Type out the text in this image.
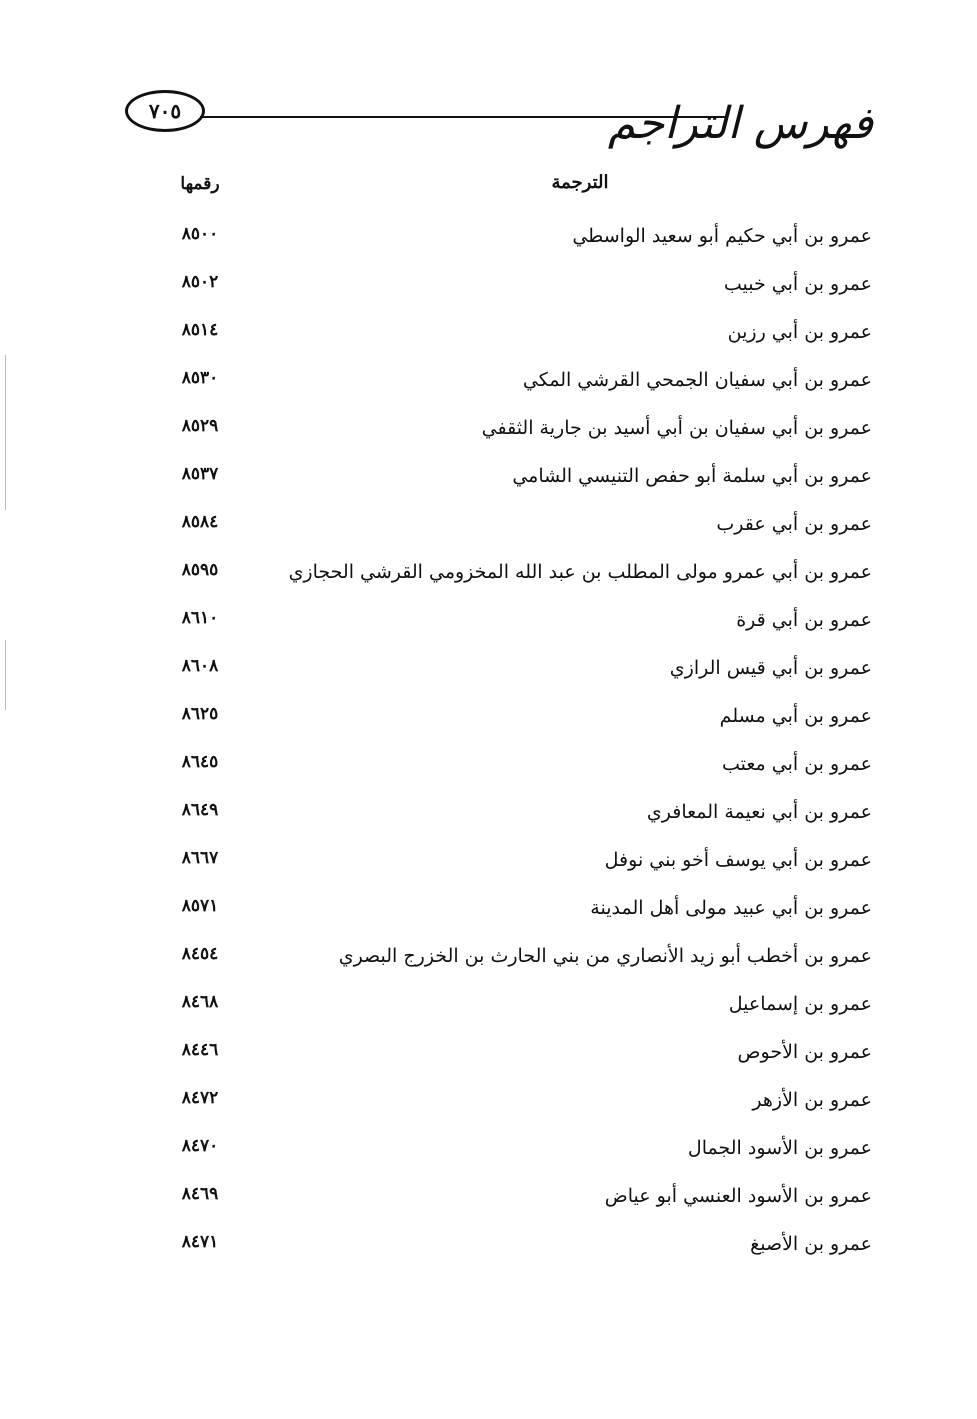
فهرس التراجم
٧٠٥
الترجمة
رقمها
عمرو بن أبي حكيم أبو سعيد الواسطي
٨٥٠٠
عمرو بن أبي خبيب
٨٥٠٢
عمرو بن أبي رزين
٨٥١٤
عمرو بن أبي سفيان الجمحي القرشي المكي
٨٥٣٠
عمرو بن أبي سفيان بن أبي أسيد بن جارية الثقفي
٨٥٢٩
عمرو بن أبي سلمة أبو حفص التنيسي الشامي
٨٥٣٧
عمرو بن أبي عقرب
٨٥٨٤
عمرو بن أبي عمرو مولى المطلب بن عبد الله المخزومي القرشي الحجازي
٨٥٩٥
عمرو بن أبي قرة
٨٦١٠
عمرو بن أبي قيس الرازي
٨٦٠٨
عمرو بن أبي مسلم
٨٦٢٥
عمرو بن أبي معتب
٨٦٤٥
عمرو بن أبي نعيمة المعافري
٨٦٤٩
عمرو بن أبي يوسف أخو بني نوفل
٨٦٦٧
عمرو بن أبي عبيد مولى أهل المدينة
٨٥٧١
عمرو بن أخطب أبو زيد الأنصاري من بني الحارث بن الخزرج البصري
٨٤٥٤
عمرو بن إسماعيل
٨٤٦٨
عمرو بن الأحوص
٨٤٤٦
عمرو بن الأزهر
٨٤٧٢
عمرو بن الأسود الجمال
٨٤٧٠
عمرو بن الأسود العنسي أبو عياض
٨٤٦٩
عمرو بن الأصبغ
٨٤٧١
